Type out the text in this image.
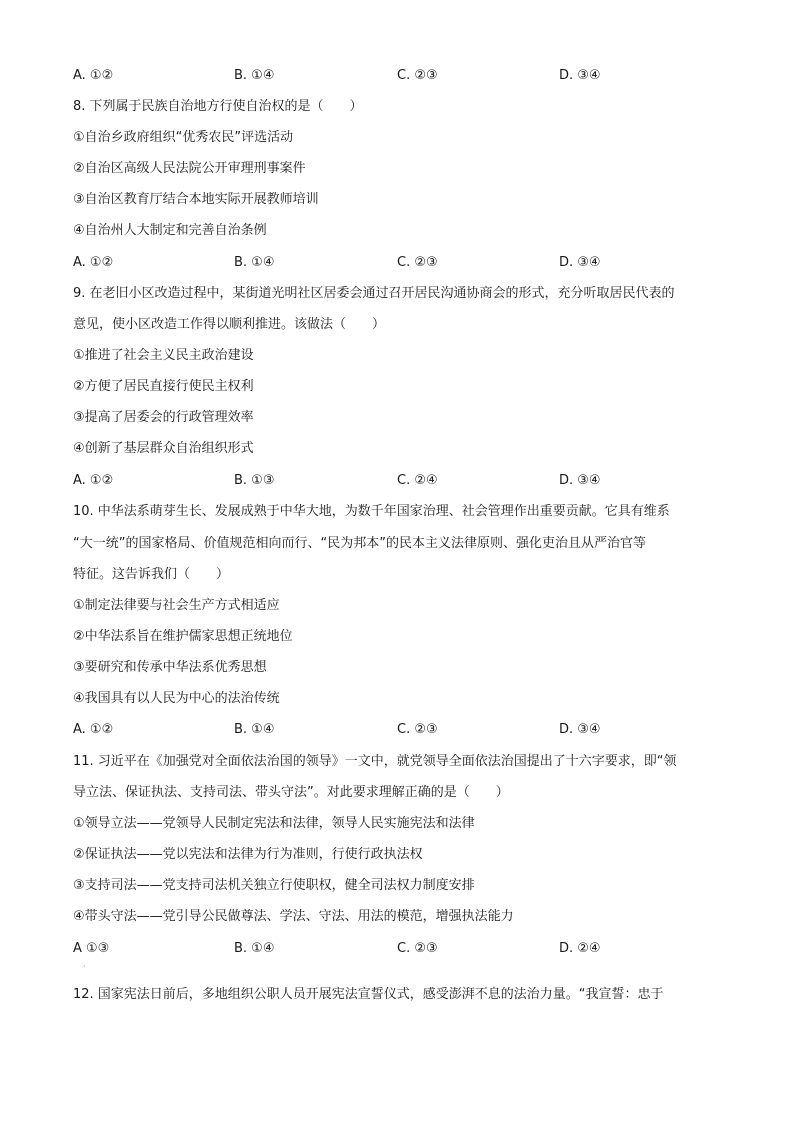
A. ①②	B. ①④	C. ②③	D. ③④
8. 下列属于民族自治地方行使自治权的是（　　）
①自治乡政府组织“优秀农民”评选活动
②自治区高级人民法院公开审理刑事案件
③自治区教育厅结合本地实际开展教师培训
④自治州人大制定和完善自治条例
A. ①②	B. ①④	C. ②③	D. ③④
9. 在老旧小区改造过程中，某街道光明社区居委会通过召开居民沟通协商会的形式，充分听取居民代表的
意见，使小区改造工作得以顺利推进。该做法（　　）
①推进了社会主义民主政治建设
②方便了居民直接行使民主权利
③提高了居委会的行政管理效率
④创新了基层群众自治组织形式
A. ①②	B. ①③	C. ②④	D. ③④
10. 中华法系萌芽生长、发展成熟于中华大地，为数千年国家治理、社会管理作出重要贡献。它具有维系
“大一统”的国家格局、价值规范相向而行、“民为邦本”的民本主义法律原则、强化吏治且从严治官等
特征。这告诉我们（　　）
①制定法律要与社会生产方式相适应
②中华法系旨在维护儒家思想正统地位
③要研究和传承中华法系优秀思想
④我国具有以人民为中心的法治传统
A. ①②	B. ①④	C. ②③	D. ③④
11. 习近平在《加强党对全面依法治国的领导》一文中，就党领导全面依法治国提出了十六字要求，即“领
导立法、保证执法、支持司法、带头守法”。对此要求理解正确的是（　　）
①领导立法——党领导人民制定宪法和法律，领导人民实施宪法和法律
②保证执法——党以宪法和法律为行为准则，行使行政执法权
③支持司法——党支持司法机关独立行使职权，健全司法权力制度安排
④带头守法——党引导公民做尊法、学法、守法、用法的模范，增强执法能力
A ①③	B. ①④	C. ②③	D. ②④
·
12. 国家宪法日前后，多地组织公职人员开展宪法宣誓仪式，感受澎湃不息的法治力量。“我宣誓：忠于
